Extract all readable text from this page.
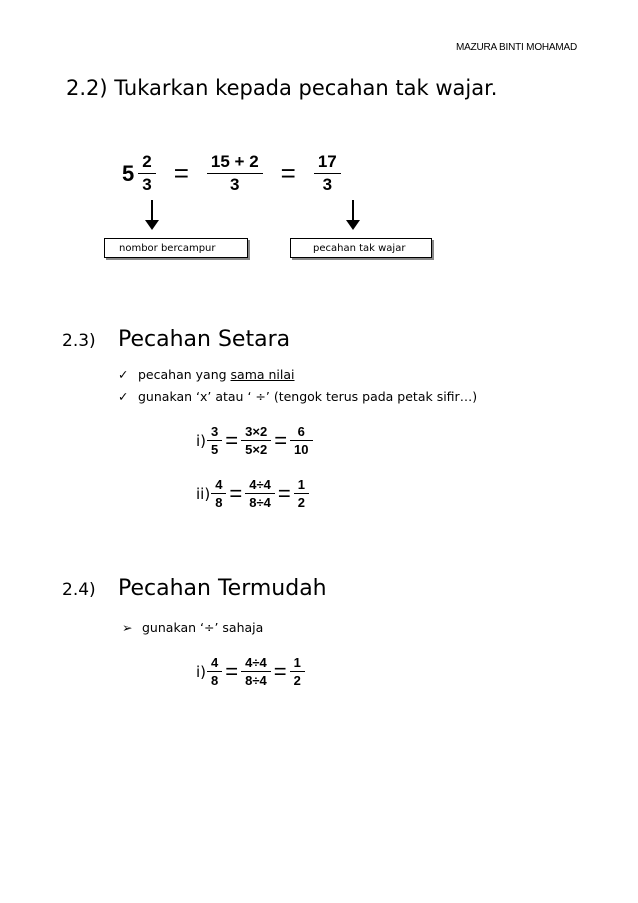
MAZURA BINTI MOHAMAD
2.2) Tukarkan kepada pecahan tak wajar.
$5 \frac{2}{3} = \frac{15 + 2}{3} = \frac{17}{3}$
nombor bercampur	pecahan tak wajar
2.3) Pecahan Setara
✓ pecahan yang sama nilai
✓ gunakan ‘x’ atau ‘ ÷’ (tengok terus pada petak sifir…)
$i) \frac{3}{5} = \frac{3\times 2}{5\times 2} = \frac{6}{10}$
$ii) \frac{4}{8} = \frac{4\div 4}{8\div 4} = \frac{1}{2}$
2.4) Pecahan Termudah
➢ gunakan ‘÷’ sahaja
$i) \frac{4}{8} = \frac{4\div 4}{8\div 4} = \frac{1}{2}$
